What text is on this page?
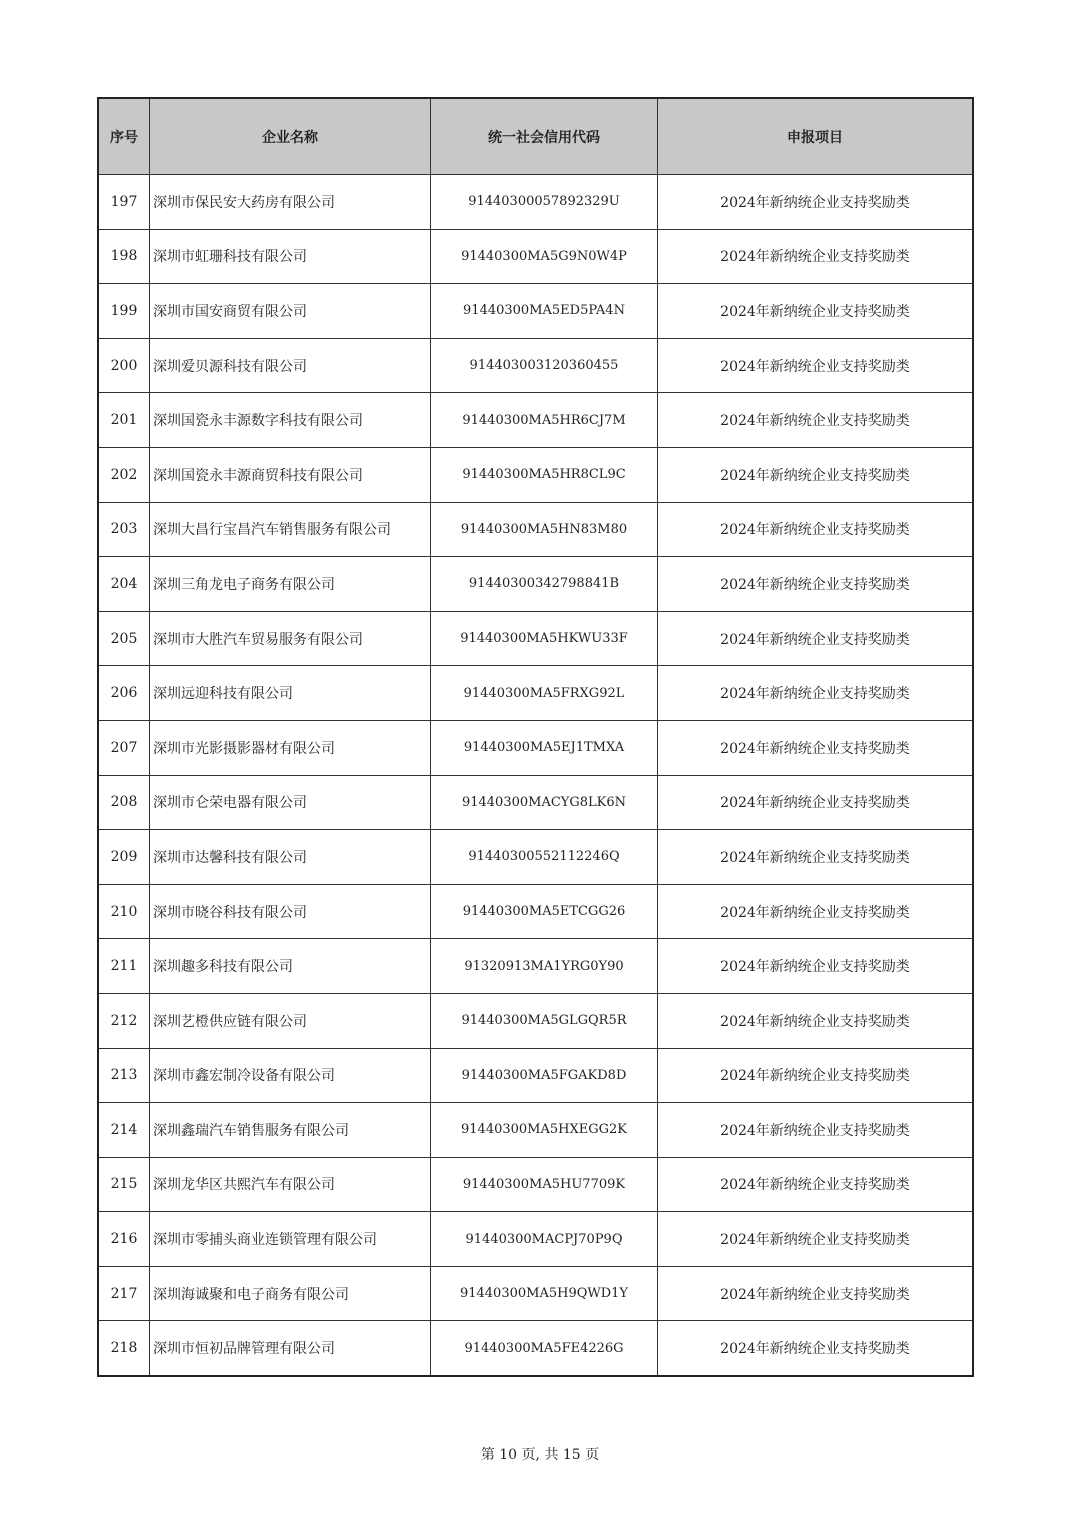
序号	企业名称	统一社会信用代码	申报项目
197	深圳市保民安大药房有限公司	91440300057892329U	2024年新纳统企业支持奖励类
198	深圳市虹珊科技有限公司	91440300MA5G9N0W4P	2024年新纳统企业支持奖励类
199	深圳市国安商贸有限公司	91440300MA5ED5PA4N	2024年新纳统企业支持奖励类
200	深圳爱贝源科技有限公司	914403003120360455	2024年新纳统企业支持奖励类
201	深圳国瓷永丰源数字科技有限公司	91440300MA5HR6CJ7M	2024年新纳统企业支持奖励类
202	深圳国瓷永丰源商贸科技有限公司	91440300MA5HR8CL9C	2024年新纳统企业支持奖励类
203	深圳大昌行宝昌汽车销售服务有限公司	91440300MA5HN83M80	2024年新纳统企业支持奖励类
204	深圳三角龙电子商务有限公司	91440300342798841B	2024年新纳统企业支持奖励类
205	深圳市大胜汽车贸易服务有限公司	91440300MA5HKWU33F	2024年新纳统企业支持奖励类
206	深圳远迎科技有限公司	91440300MA5FRXG92L	2024年新纳统企业支持奖励类
207	深圳市光影摄影器材有限公司	91440300MA5EJ1TMXA	2024年新纳统企业支持奖励类
208	深圳市仑荣电器有限公司	91440300MACYG8LK6N	2024年新纳统企业支持奖励类
209	深圳市达馨科技有限公司	91440300552112246Q	2024年新纳统企业支持奖励类
210	深圳市晓谷科技有限公司	91440300MA5ETCGG26	2024年新纳统企业支持奖励类
211	深圳趣多科技有限公司	91320913MA1YRG0Y90	2024年新纳统企业支持奖励类
212	深圳艺橙供应链有限公司	91440300MA5GLGQR5R	2024年新纳统企业支持奖励类
213	深圳市鑫宏制冷设备有限公司	91440300MA5FGAKD8D	2024年新纳统企业支持奖励类
214	深圳鑫瑞汽车销售服务有限公司	91440300MA5HXEGG2K	2024年新纳统企业支持奖励类
215	深圳龙华区共熙汽车有限公司	91440300MA5HU7709K	2024年新纳统企业支持奖励类
216	深圳市零捕头商业连锁管理有限公司	91440300MACPJ70P9Q	2024年新纳统企业支持奖励类
217	深圳海诚聚和电子商务有限公司	91440300MA5H9QWD1Y	2024年新纳统企业支持奖励类
218	深圳市恒初品牌管理有限公司	91440300MA5FE4226G	2024年新纳统企业支持奖励类
第 10 页, 共 15 页
